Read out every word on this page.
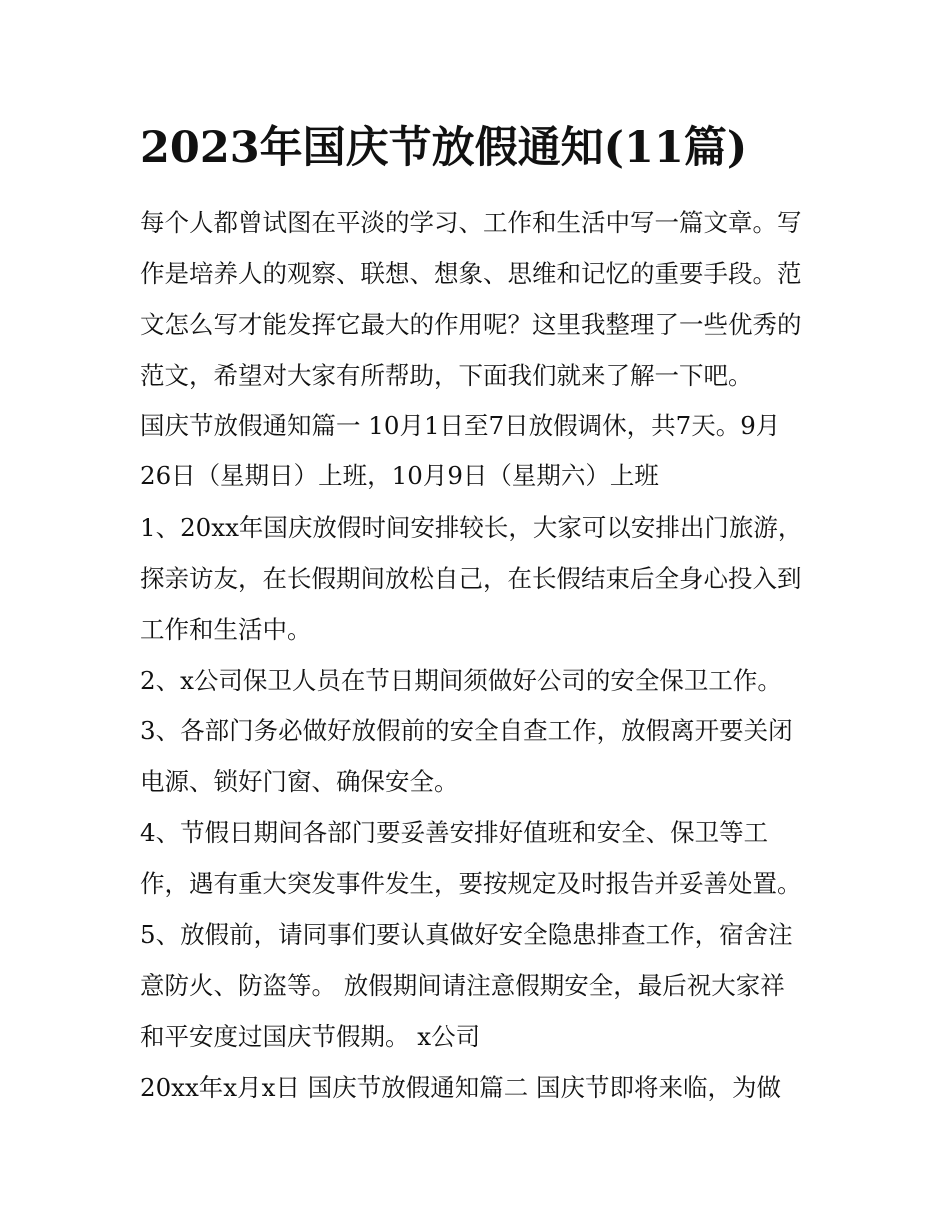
2023年国庆节放假通知(11篇)

每个人都曾试图在平淡的学习、工作和生活中写一篇文章。写

作是培养人的观察、联想、想象、思维和记忆的重要手段。范

文怎么写才能发挥它最大的作用呢？这里我整理了一些优秀的

范文，希望对大家有所帮助，下面我们就来了解一下吧。

国庆节放假通知篇一 10月1日至7日放假调休，共7天。9月

26日（星期日）上班，10月9日（星期六）上班

1、20xx年国庆放假时间安排较长，大家可以安排出门旅游，

探亲访友，在长假期间放松自己，在长假结束后全身心投入到

工作和生活中。

2、x公司保卫人员在节日期间须做好公司的安全保卫工作。

3、各部门务必做好放假前的安全自查工作，放假离开要关闭

电源、锁好门窗、确保安全。

4、节假日期间各部门要妥善安排好值班和安全、保卫等工

作，遇有重大突发事件发生，要按规定及时报告并妥善处置。

5、放假前，请同事们要认真做好安全隐患排查工作，宿舍注

意防火、防盗等。 放假期间请注意假期安全，最后祝大家祥

和平安度过国庆节假期。 x公司

20xx年x月x日 国庆节放假通知篇二 国庆节即将来临，为做
